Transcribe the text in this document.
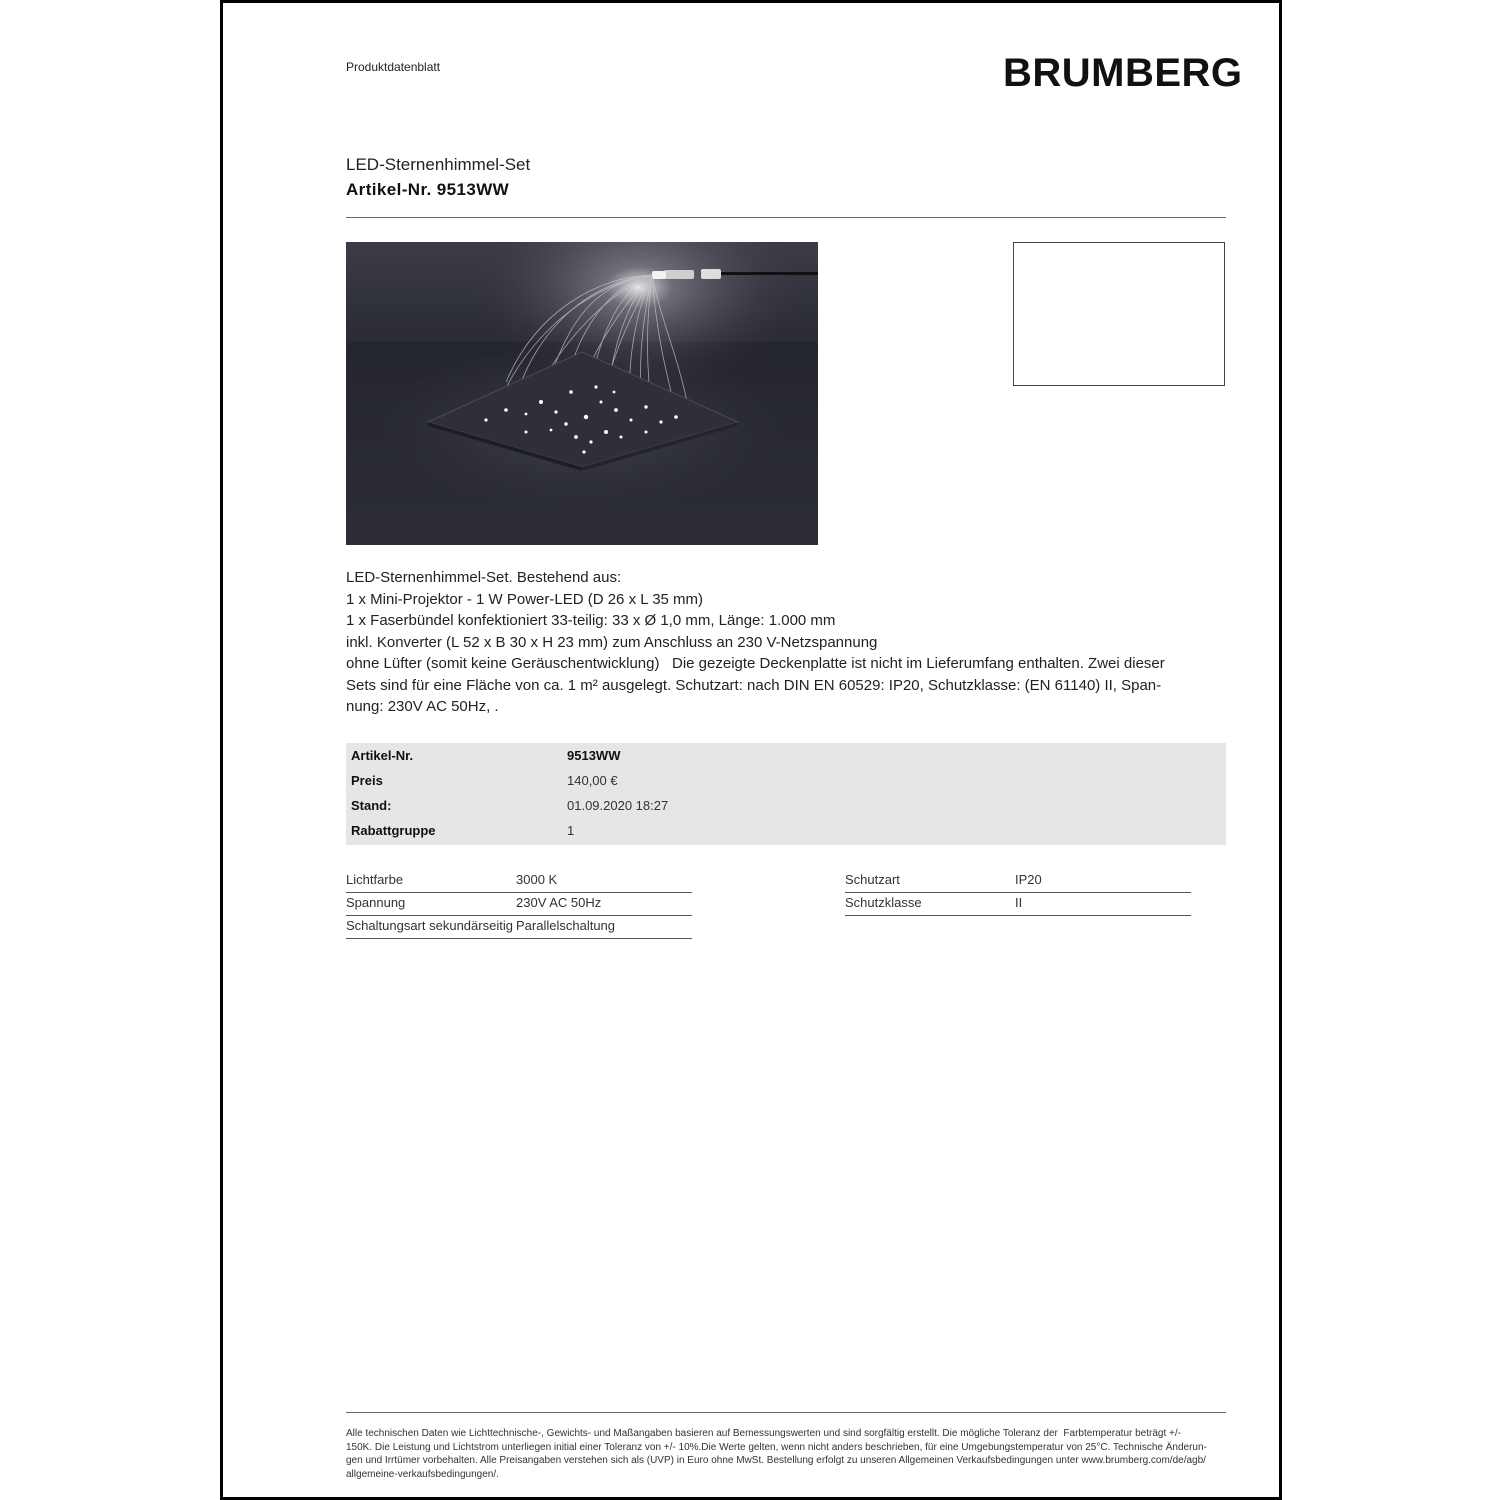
Produktdatenblatt	BRUMBERG
LED-Sternenhimmel-Set
Artikel-Nr. 9513WW

LED-Sternenhimmel-Set. Bestehend aus:

1 x Mini-Projektor - 1 W Power-LED (D 26 x L 35 mm)

1 x Faserbündel konfektioniert 33-teilig: 33 x Ø 1,0 mm, Länge: 1.000 mm

inkl. Konverter (L 52 x B 30 x H 23 mm) zum Anschluss an 230 V-Netzspannung

ohne Lüfter (somit keine Geräuschentwicklung)   Die gezeigte Deckenplatte ist nicht im Lieferumfang enthalten. Zwei dieser

Sets sind für eine Fläche von ca. 1 m² ausgelegt. Schutzart: nach DIN EN 60529: IP20, Schutzklasse: (EN 61140) II, Span-

nung: 230V AC 50Hz, .

Artikel-Nr.	9513WW
Preis	140,00 €
Stand:	01.09.2020 18:27
Rabattgruppe	1
Lichtfarbe	3000 K
Spannung	230V AC 50Hz
Schaltungsart sekundärseitig Parallelschaltung
Schutzart	IP20
Schutzklasse	II
Alle technischen Daten wie Lichttechnische-, Gewichts- und Maßangaben basieren auf Bemessungswerten und sind sorgfältig erstellt. Die mögliche Toleranz der  Farbtemperatur beträgt +/-
150K. Die Leistung und Lichtstrom unterliegen initial einer Toleranz von +/- 10%.Die Werte gelten, wenn nicht anders beschrieben, für eine Umgebungstemperatur von 25°C. Technische Änderun-
gen und Irrtümer vorbehalten. Alle Preisangaben verstehen sich als (UVP) in Euro ohne MwSt. Bestellung erfolgt zu unseren Allgemeinen Verkaufsbedingungen unter www.brumberg.com/de/agb/
allgemeine-verkaufsbedingungen/.
